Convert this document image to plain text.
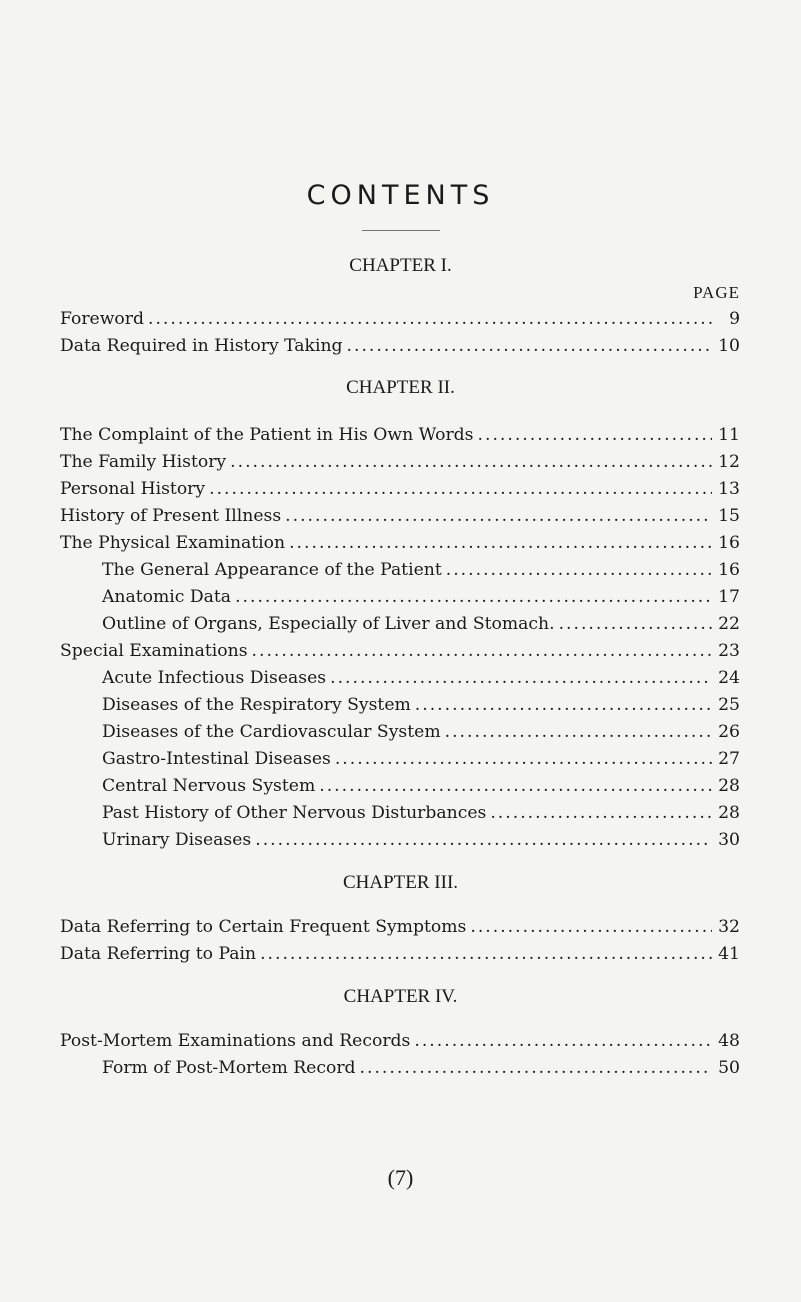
CONTENTS
CHAPTER I.
PAGE
Foreword .....	9
Data Required in History Taking .....	10
CHAPTER II.
The Complaint of the Patient in His Own Words .....	11
The Family History .....	12
Personal History .....	13
History of Present Illness .....	15
The Physical Examination .....	16
The General Appearance of the Patient .....	16
Anatomic Data .....	17
Outline of Organs, Especially of Liver and Stomach. .....	22
Special Examinations .....	23
Acute Infectious Diseases .....	24
Diseases of the Respiratory System .....	25
Diseases of the Cardiovascular System .....	26
Gastro-Intestinal Diseases .....	27
Central Nervous System .....	28
Past History of Other Nervous Disturbances .....	28
Urinary Diseases .....	30
CHAPTER III.
Data Referring to Certain Frequent Symptoms .....	32
Data Referring to Pain .....	41
CHAPTER IV.
Post-Mortem Examinations and Records .....	48
Form of Post-Mortem Record .....	50
(7)
